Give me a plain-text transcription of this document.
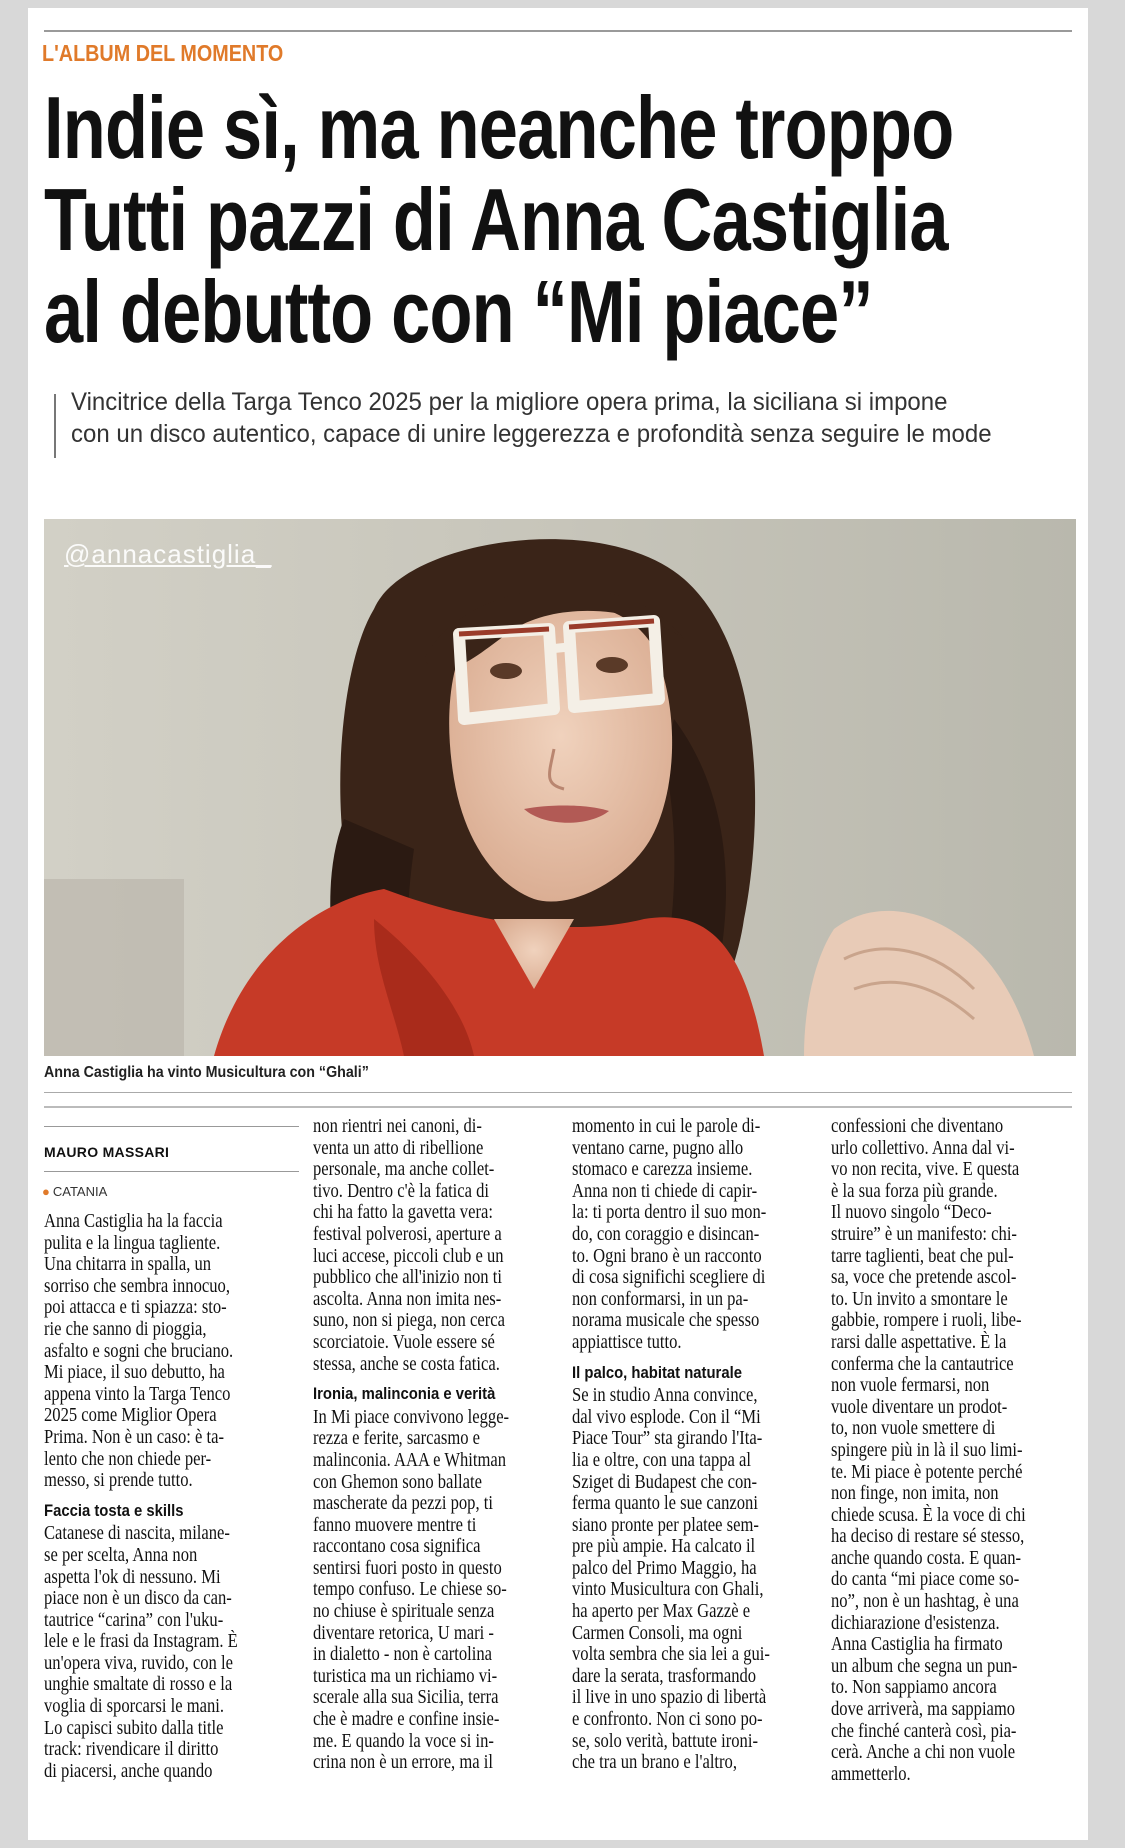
L'ALBUM DEL MOMENTO
Indie sì, ma neanche troppo
Tutti pazzi di Anna Castiglia
al debutto con “Mi piace”
Vincitrice della Targa Tenco 2025 per la migliore opera prima, la siciliana si impone
con un disco autentico, capace di unire leggerezza e profondità senza seguire le mode
@annacastiglia_
Anna Castiglia ha vinto Musicultura con “Ghali”
MAURO MASSARI
● CATANIA
Anna Castiglia ha la faccia
pulita e la lingua tagliente.
Una chitarra in spalla, un
sorriso che sembra innocuo,
poi attacca e ti spiazza: sto-
rie che sanno di pioggia,
asfalto e sogni che bruciano.
Mi piace, il suo debutto, ha
appena vinto la Targa Tenco
2025 come Miglior Opera
Prima. Non è un caso: è ta-
lento che non chiede per-
messo, si prende tutto.
Faccia tosta e skills
Catanese di nascita, milane-
se per scelta, Anna non
aspetta l'ok di nessuno. Mi
piace non è un disco da can-
tautrice “carina” con l'uku-
lele e le frasi da Instagram. È
un'opera viva, ruvido, con le
unghie smaltate di rosso e la
voglia di sporcarsi le mani.
Lo capisci subito dalla title
track: rivendicare il diritto
di piacersi, anche quando
non rientri nei canoni, di-
venta un atto di ribellione
personale, ma anche collet-
tivo. Dentro c'è la fatica di
chi ha fatto la gavetta vera:
festival polverosi, aperture a
luci accese, piccoli club e un
pubblico che all'inizio non ti
ascolta. Anna non imita nes-
suno, non si piega, non cerca
scorciatoie. Vuole essere sé
stessa, anche se costa fatica.
Ironia, malinconia e verità
In Mi piace convivono legge-
rezza e ferite, sarcasmo e
malinconia. AAA e Whitman
con Ghemon sono ballate
mascherate da pezzi pop, ti
fanno muovere mentre ti
raccontano cosa significa
sentirsi fuori posto in questo
tempo confuso. Le chiese so-
no chiuse è spirituale senza
diventare retorica, U mari -
in dialetto - non è cartolina
turistica ma un richiamo vi-
scerale alla sua Sicilia, terra
che è madre e confine insie-
me. E quando la voce si in-
crina non è un errore, ma il
momento in cui le parole di-
ventano carne, pugno allo
stomaco e carezza insieme.
Anna non ti chiede di capir-
la: ti porta dentro il suo mon-
do, con coraggio e disincan-
to. Ogni brano è un racconto
di cosa significhi scegliere di
non conformarsi, in un pa-
norama musicale che spesso
appiattisce tutto.
Il palco, habitat naturale
Se in studio Anna convince,
dal vivo esplode. Con il “Mi
Piace Tour” sta girando l'Ita-
lia e oltre, con una tappa al
Sziget di Budapest che con-
ferma quanto le sue canzoni
siano pronte per platee sem-
pre più ampie. Ha calcato il
palco del Primo Maggio, ha
vinto Musicultura con Ghali,
ha aperto per Max Gazzè e
Carmen Consoli, ma ogni
volta sembra che sia lei a gui-
dare la serata, trasformando
il live in uno spazio di libertà
e confronto. Non ci sono po-
se, solo verità, battute ironi-
che tra un brano e l'altro,
confessioni che diventano
urlo collettivo. Anna dal vi-
vo non recita, vive. E questa
è la sua forza più grande.
Il nuovo singolo “Deco-
struire” è un manifesto: chi-
tarre taglienti, beat che pul-
sa, voce che pretende ascol-
to. Un invito a smontare le
gabbie, rompere i ruoli, libe-
rarsi dalle aspettative. È la
conferma che la cantautrice
non vuole fermarsi, non
vuole diventare un prodot-
to, non vuole smettere di
spingere più in là il suo limi-
te. Mi piace è potente perché
non finge, non imita, non
chiede scusa. È la voce di chi
ha deciso di restare sé stesso,
anche quando costa. E quan-
do canta “mi piace come so-
no”, non è un hashtag, è una
dichiarazione d'esistenza.
Anna Castiglia ha firmato
un album che segna un pun-
to. Non sappiamo ancora
dove arriverà, ma sappiamo
che finché canterà così, pia-
cerà. Anche a chi non vuole
ammetterlo.
